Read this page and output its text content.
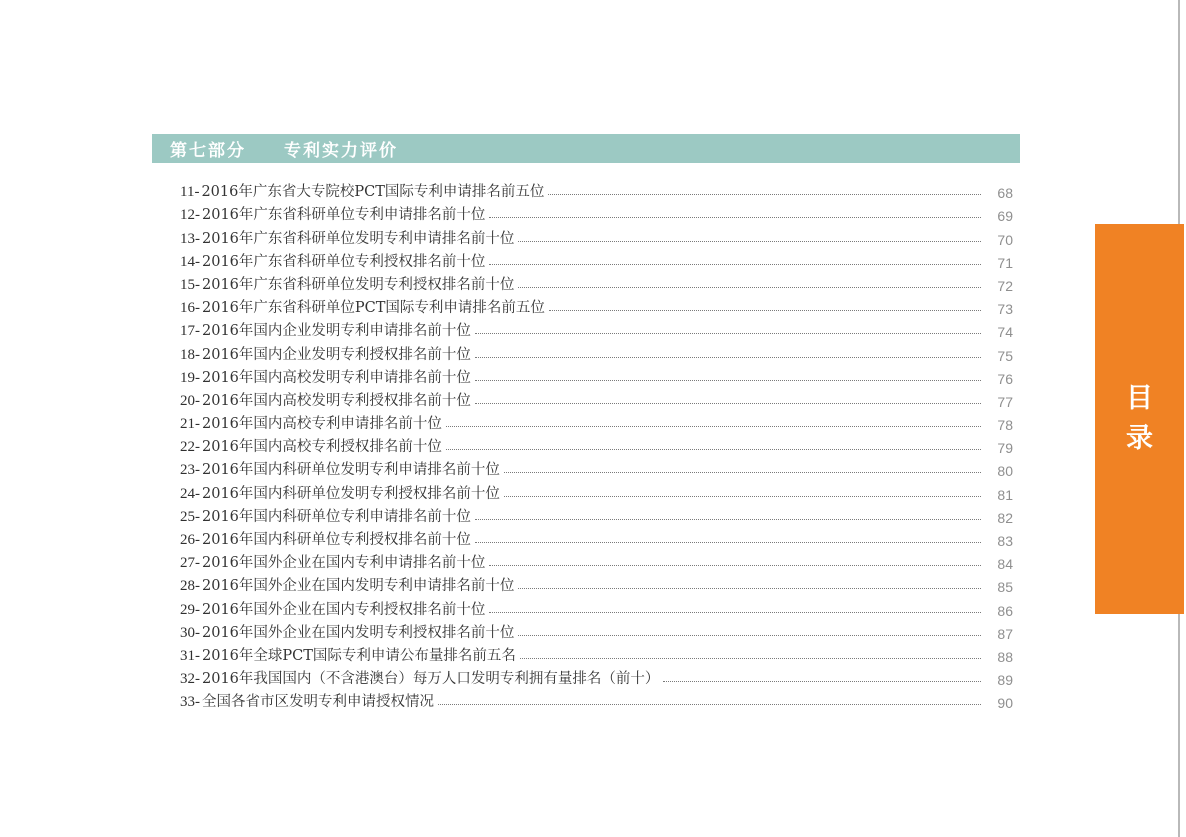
第七部分 专利实力评价
11- 2016年广东省大专院校PCT国际专利申请排名前五位	68
12- 2016年广东省科研单位专利申请排名前十位	69
13- 2016年广东省科研单位发明专利申请排名前十位	70
14- 2016年广东省科研单位专利授权排名前十位	71
15- 2016年广东省科研单位发明专利授权排名前十位	72
16- 2016年广东省科研单位PCT国际专利申请排名前五位	73
17- 2016年国内企业发明专利申请排名前十位	74
18- 2016年国内企业发明专利授权排名前十位	75
19- 2016年国内高校发明专利申请排名前十位	76
20- 2016年国内高校发明专利授权排名前十位	77
21- 2016年国内高校专利申请排名前十位	78
22- 2016年国内高校专利授权排名前十位	79
23- 2016年国内科研单位发明专利申请排名前十位	80
24- 2016年国内科研单位发明专利授权排名前十位	81
25- 2016年国内科研单位专利申请排名前十位	82
26- 2016年国内科研单位专利授权排名前十位	83
27- 2016年国外企业在国内专利申请排名前十位	84
28- 2016年国外企业在国内发明专利申请排名前十位	85
29- 2016年国外企业在国内专利授权排名前十位	86
30- 2016年国外企业在国内发明专利授权排名前十位	87
31- 2016年全球PCT国际专利申请公布量排名前五名	88
32- 2016年我国国内（不含港澳台）每万人口发明专利拥有量排名（前十）	89
33- 全国各省市区发明专利申请授权情况	90
目
录
